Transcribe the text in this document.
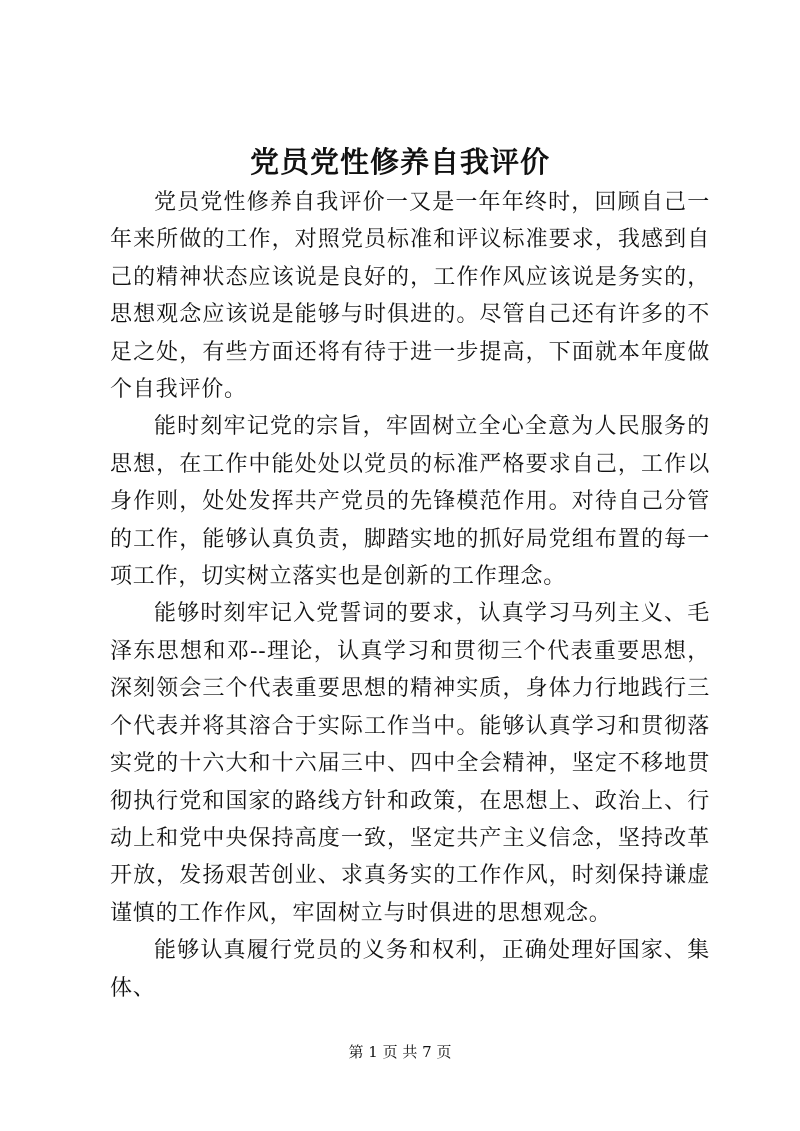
党员党性修养自我评价

党员党性修养自我评价一又是一年年终时，回顾自己一年来所做的工作，对照党员标准和评议标准要求，我感到自己的精神状态应该说是良好的，工作作风应该说是务实的，思想观念应该说是能够与时俱进的。尽管自己还有许多的不足之处，有些方面还将有待于进一步提高，下面就本年度做个自我评价。

能时刻牢记党的宗旨，牢固树立全心全意为人民服务的思想，在工作中能处处以党员的标准严格要求自己，工作以身作则，处处发挥共产党员的先锋模范作用。对待自己分管的工作，能够认真负责，脚踏实地的抓好局党组布置的每一项工作，切实树立落实也是创新的工作理念。

能够时刻牢记入党誓词的要求，认真学习马列主义、毛泽东思想和邓--理论，认真学习和贯彻三个代表重要思想，深刻领会三个代表重要思想的精神实质，身体力行地践行三个代表并将其溶合于实际工作当中。能够认真学习和贯彻落实党的十六大和十六届三中、四中全会精神，坚定不移地贯彻执行党和国家的路线方针和政策，在思想上、政治上、行动上和党中央保持高度一致，坚定共产主义信念，坚持改革开放，发扬艰苦创业、求真务实的工作作风，时刻保持谦虚谨慎的工作作风，牢固树立与时俱进的思想观念。

能够认真履行党员的义务和权利，正确处理好国家、集体、

第 1 页 共 7 页
